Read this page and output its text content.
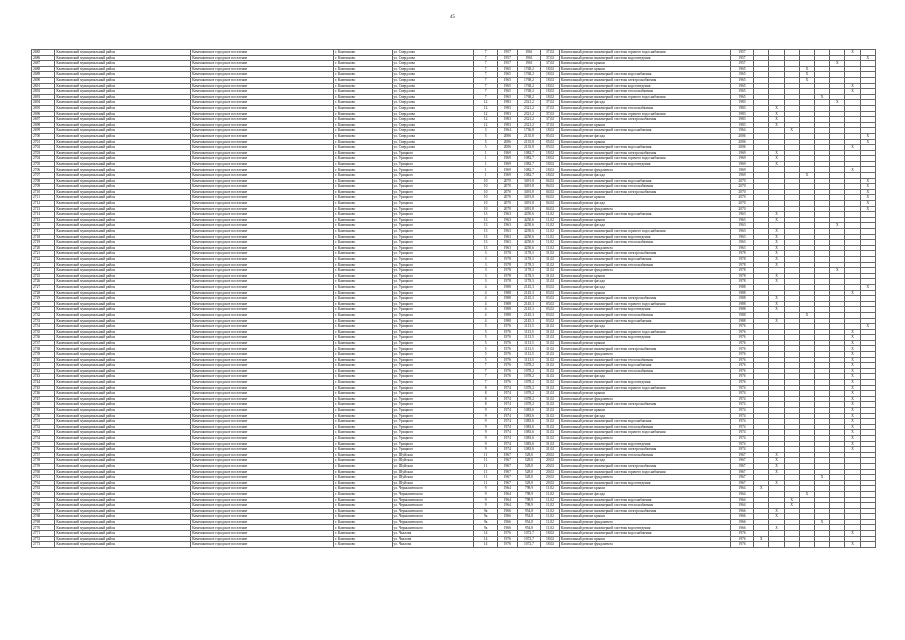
45
2685	Камешковский муниципальный район	Камешковское городское поселение	г. Камешково	ул. Свердлова	7	1957	1961	37,02	Капитальный ремонт инженерной системы горячего водоснабжения	1957							X	
2686	Камешковский муниципальный район	Камешковское городское поселение	г. Камешково	ул. Свердлова	7	1957	1961	37,02	Капитальный ремонт инженерной системы водоотведения	1957								X
2687	Камешковский муниципальный район	Камешковское городское поселение	г. Камешково	ул. Свердлова	7	1957	1961	37,02	Капитальный ремонт крыши	1957						X		
2688	Камешковский муниципальный район	Камешковское городское поселение	г. Камешково	ул. Свердлова	7	1965	1768,2	18,02	Капитальный ремонт крыши	1965				X				
2689	Камешковский муниципальный район	Камешковское городское поселение	г. Камешково	ул. Свердлова	7	1965	1768,2	18,02	Капитальный ремонт инженерной системы водоснабжения	1965				X				
2690	Камешковский муниципальный район	Камешковское городское поселение	г. Камешково	ул. Свердлова	7	1965	1768,2	18,02	Капитальный ремонт инженерной системы электроснабжения	1965				X				
2691	Камешковский муниципальный район	Камешковское городское поселение	г. Камешково	ул. Свердлова	7	1965	1768,2	18,02	Капитальный ремонт инженерной системы водоотведения	1965							X	
2692	Камешковский муниципальный район	Камешковское городское поселение	г. Камешково	ул. Свердлова	7	1965	1768,2	18,02	Капитальный ремонт инженерной системы теплоснабжения	1965							X	
2693	Камешковский муниципальный район	Камешковское городское поселение	г. Камешково	ул. Свердлова	7	1965	1768,2	18,02	Капитальный ремонт инженерной системы горячего водоснабжения	1965					X			
2694	Камешковский муниципальный район	Камешковское городское поселение	г. Камешково	ул. Свердлова	12	1983	2321,2	37,02	Капитальный ремонт фасада	1983						X		
2695	Камешковский муниципальный район	Камешковское городское поселение	г. Камешково	ул. Свердлова	12	1983	2321,2	37,02	Капитальный ремонт инженерной системы теплоснабжения	1983		X						
2696	Камешковский муниципальный район	Камешковское городское поселение	г. Камешково	ул. Свердлова	12	1983	2321,2	37,02	Капитальный ремонт инженерной системы горячего водоснабжения	1983		X						
2697	Камешковский муниципальный район	Камешковское городское поселение	г. Камешково	ул. Свердлова	12	1983	2321,2	37,02	Капитальный ремонт инженерной системы электроснабжения	1983		X						
2698	Камешковский муниципальный район	Камешковское городское поселение	г. Камешково	ул. Свердлова	12	1983	2321,2	37,02	Капитальный ремонт крыши	1983		X						
2699	Камешковский муниципальный район	Камешковское городское поселение	г. Камешково	ул. Свердлова	3	1964	1736,8	18,02	Капитальный ремонт инженерной системы водоснабжения	1964			X					
2700	Камешковский муниципальный район	Камешковское городское поселение	г. Камешково	ул. Свердлова	5	2006	2135,8	05,02	Капитальный ремонт фасада	2006								X
2701	Камешковский муниципальный район	Камешковское городское поселение	г. Камешково	ул. Свердлова	5	2006	2135,8	05,02	Капитальный ремонт крыши	2006								X
2702	Камешковский муниципальный район	Камешковское городское поселение	г. Камешково	ул. Свердлова	5	2006	2135,8	05,02	Капитальный ремонт инженерной системы водоснабжения	2006							X	
2703	Камешковский муниципальный район	Камешковское городское поселение	г. Камешково	ул. Урицкого	1	1969	1082,7	18,02	Капитальный ремонт инженерной системы электроснабжения	1969		X						
2704	Камешковский муниципальный район	Камешковское городское поселение	г. Камешково	ул. Урицкого	1	1969	1082,7	18,02	Капитальный ремонт инженерной системы горячего водоснабжения	1969		X						
2705	Камешковский муниципальный район	Камешковское городское поселение	г. Камешково	ул. Урицкого	1	1969	1082,7	18,02	Капитальный ремонт инженерной системы водоотведения	1969		X						
2706	Камешковский муниципальный район	Камешковское городское поселение	г. Камешково	ул. Урицкого	1	1969	1082,7	18,02	Капитальный ремонт фундамента	1969							X	
2707	Камешковский муниципальный район	Камешковское городское поселение	г. Камешково	ул. Урицкого	1	1969	1082,7	18,02	Капитальный ремонт фасада	1969				X				
2708	Камешковский муниципальный район	Камешковское городское поселение	г. Камешково	ул. Урицкого	10	2070	3491,8	04,02	Капитальный ремонт инженерной системы водоснабжения	2070								X
2709	Камешковский муниципальный район	Камешковское городское поселение	г. Камешково	ул. Урицкого	10	2070	3491,8	04,02	Капитальный ремонт инженерной системы теплоснабжения	2070								X
2710	Камешковский муниципальный район	Камешковское городское поселение	г. Камешково	ул. Урицкого	10	2070	3491,8	04,02	Капитальный ремонт инженерной системы электроснабжения	2070								X
2711	Камешковский муниципальный район	Камешковское городское поселение	г. Камешково	ул. Урицкого	10	2070	3491,8	04,02	Капитальный ремонт крыши	2070								X
2712	Камешковский муниципальный район	Камешковское городское поселение	г. Камешково	ул. Урицкого	10	2070	3491,8	04,02	Капитальный ремонт фасада	2070								X
2713	Камешковский муниципальный район	Камешковское городское поселение	г. Камешково	ул. Урицкого	10	2070	3491,8	04,02	Капитальный ремонт фундамента	2070								X
2714	Камешковский муниципальный район	Камешковское городское поселение	г. Камешково	ул. Урицкого	13	1963	4250,6	11,02	Капитальный ремонт инженерной системы водоснабжения	1963		X						
2715	Камешковский муниципальный район	Камешковское городское поселение	г. Камешково	ул. Урицкого	13	1963	4250,6	11,02	Капитальный ремонт крыши	1963		X						
2716	Камешковский муниципальный район	Камешковское городское поселение	г. Камешково	ул. Урицкого	13	1963	4250,6	11,02	Капитальный ремонт фасада	1963						X		
2717	Камешковский муниципальный район	Камешковское городское поселение	г. Камешково	ул. Урицкого	13	1963	4250,6	11,02	Капитальный ремонт инженерной системы горячего водоснабжения	1963		X						
2718	Камешковский муниципальный район	Камешковское городское поселение	г. Камешково	ул. Урицкого	13	1963	4250,6	11,02	Капитальный ремонт инженерной системы водоотведения	1963		X						
2719	Камешковский муниципальный район	Камешковское городское поселение	г. Камешково	ул. Урицкого	13	1963	4250,6	11,02	Капитальный ремонт инженерной системы теплоснабжения	1963		X						
2720	Камешковский муниципальный район	Камешковское городское поселение	г. Камешково	ул. Урицкого	13	1963	4250,6	11,02	Капитальный ремонт фундамента	1963		X						
2721	Камешковский муниципальный район	Камешковское городское поселение	г. Камешково	ул. Урицкого	3	1978	1178,3	31,02	Капитальный ремонт инженерной системы электроснабжения	1978		X						
2722	Камешковский муниципальный район	Камешковское городское поселение	г. Камешково	ул. Урицкого	3	1978	1178,3	31,02	Капитальный ремонт инженерной системы водоснабжения	1978		X						
2723	Камешковский муниципальный район	Камешковское городское поселение	г. Камешково	ул. Урицкого	3	1978	1178,3	31,02	Капитальный ремонт инженерной системы теплоснабжения	1978		X						
2724	Камешковский муниципальный район	Камешковское городское поселение	г. Камешково	ул. Урицкого	3	1978	1178,3	31,02	Капитальный ремонт фундамента	1978						X		
2725	Камешковский муниципальный район	Камешковское городское поселение	г. Камешково	ул. Урицкого	3	1978	1178,3	31,02	Капитальный ремонт крыши	1978		X						
2726	Камешковский муниципальный район	Камешковское городское поселение	г. Камешково	ул. Урицкого	3	1978	1178,3	31,02	Капитальный ремонт фасада	1978		X						
2727	Камешковский муниципальный район	Камешковское городское поселение	г. Камешково	ул. Урицкого	4	1988	2145,3	03,02	Капитальный ремонт фасада	1988								X
2728	Камешковский муниципальный район	Камешковское городское поселение	г. Камешково	ул. Урицкого	4	1988	2145,3	03,02	Капитальный ремонт крыши	1988							X	
2729	Камешковский муниципальный район	Камешковское городское поселение	г. Камешково	ул. Урицкого	4	1988	2145,3	03,02	Капитальный ремонт инженерной системы электроснабжения	1988		X						
2730	Камешковский муниципальный район	Камешковское городское поселение	г. Камешково	ул. Урицкого	4	1988	2145,3	03,02	Капитальный ремонт инженерной системы горячего водоснабжения	1988		X						
2731	Камешковский муниципальный район	Камешковское городское поселение	г. Камешково	ул. Урицкого	4	1988	2145,3	03,02	Капитальный ремонт инженерной системы водоотведения	1988		X						
2732	Камешковский муниципальный район	Камешковское городское поселение	г. Камешково	ул. Урицкого	4	1988	2145,3	03,02	Капитальный ремонт инженерной системы теплоснабжения	1988				X				
2733	Камешковский муниципальный район	Камешковское городское поселение	г. Камешково	ул. Урицкого	4	1988	2145,3	03,02	Капитальный ремонт инженерной системы водоснабжения	1988		X						
2734	Камешковский муниципальный район	Камешковское городское поселение	г. Камешково	ул. Урицкого	5	1976	1113,5	31,02	Капитальный ремонт фасада	1976								X
2735	Камешковский муниципальный район	Камешковское городское поселение	г. Камешково	ул. Урицкого	5	1976	1113,5	31,02	Капитальный ремонт инженерной системы горячего водоснабжения	1976							X	
2736	Камешковский муниципальный район	Камешковское городское поселение	г. Камешково	ул. Урицкого	5	1976	1113,5	31,02	Капитальный ремонт инженерной системы водоотведения	1976							X	
2737	Камешковский муниципальный район	Камешковское городское поселение	г. Камешково	ул. Урицкого	5	1976	1113,5	31,02	Капитальный ремонт крыши	1976							X	
2738	Камешковский муниципальный район	Камешковское городское поселение	г. Камешково	ул. Урицкого	5	1976	1113,5	31,02	Капитальный ремонт инженерной системы электроснабжения	1976							X	
2739	Камешковский муниципальный район	Камешковское городское поселение	г. Камешково	ул. Урицкого	5	1976	1113,5	31,02	Капитальный ремонт фундамента	1976							X	
2740	Камешковский муниципальный район	Камешковское городское поселение	г. Камешково	ул. Урицкого	5	1976	1113,5	31,02	Капитальный ремонт инженерной системы теплоснабжения	1976							X	
2741	Камешковский муниципальный район	Камешковское городское поселение	г. Камешково	ул. Урицкого	7	1976	1078,2	31,02	Капитальный ремонт инженерной системы водоснабжения	1976							X	
2742	Камешковский муниципальный район	Камешковское городское поселение	г. Камешково	ул. Урицкого	7	1976	1078,2	31,02	Капитальный ремонт инженерной системы теплоснабжения	1976							X	
2743	Камешковский муниципальный район	Камешковское городское поселение	г. Камешково	ул. Урицкого	7	1976	1078,2	31,02	Капитальный ремонт фасада	1976							X	
2744	Камешковский муниципальный район	Камешковское городское поселение	г. Камешково	ул. Урицкого	7	1976	1078,2	31,02	Капитальный ремонт инженерной системы водоотведения	1976							X	
2745	Камешковский муниципальный район	Камешковское городское поселение	г. Камешково	ул. Урицкого	8	1974	1078,2	31,02	Капитальный ремонт инженерной системы горячего водоснабжения	1974							X	
2746	Камешковский муниципальный район	Камешковское городское поселение	г. Камешково	ул. Урицкого	8	1974	1078,2	31,02	Капитальный ремонт крыши	1974							X	
2747	Камешковский муниципальный район	Камешковское городское поселение	г. Камешково	ул. Урицкого	8	1974	1078,2	31,02	Капитальный ремонт фундамента	1974							X	
2748	Камешковский муниципальный район	Камешковское городское поселение	г. Камешково	ул. Урицкого	8	1974	1078,2	31,02	Капитальный ремонт инженерной системы электроснабжения	1974							X	
2749	Камешковский муниципальный район	Камешковское городское поселение	г. Камешково	ул. Урицкого	9	1974	1083,6	31,02	Капитальный ремонт крыши	1974							X	
2750	Камешковский муниципальный район	Камешковское городское поселение	г. Камешково	ул. Урицкого	9	1974	1083,6	31,02	Капитальный ремонт фасада	1974							X	
2751	Камешковский муниципальный район	Камешковское городское поселение	г. Камешково	ул. Урицкого	9	1974	1083,6	31,02	Капитальный ремонт инженерной системы водоснабжения	1974							X	
2752	Камешковский муниципальный район	Камешковское городское поселение	г. Камешково	ул. Урицкого	9	1974	1083,6	31,02	Капитальный ремонт инженерной системы теплоснабжения	1974							X	
2753	Камешковский муниципальный район	Камешковское городское поселение	г. Камешково	ул. Урицкого	9	1974	1083,6	31,02	Капитальный ремонт инженерной системы горячего водоснабжения	1974							X	
2754	Камешковский муниципальный район	Камешковское городское поселение	г. Камешково	ул. Урицкого	9	1974	1083,6	31,02	Капитальный ремонт фундамента	1974							X	
2755	Камешковский муниципальный район	Камешковское городское поселение	г. Камешково	ул. Урицкого	9	1974	1083,6	31,02	Капитальный ремонт инженерной системы водоотведения	1974							X	
2756	Камешковский муниципальный район	Камешковское городское поселение	г. Камешково	ул. Урицкого	9	1974	1083,6	31,02	Капитальный ремонт инженерной системы электроснабжения	1974							X	
2757	Камешковский муниципальный район	Камешковское городское поселение	г. Камешково	ул. Шуйская	11	1967	528,0	20,02	Капитальный ремонт инженерной системы теплоснабжения	1967		X						
2758	Камешковский муниципальный район	Камешковское городское поселение	г. Камешково	ул. Шуйская	11	1967	528,0	20,02	Капитальный ремонт фасада	1967		X						
2759	Камешковский муниципальный район	Камешковское городское поселение	г. Камешково	ул. Шуйская	11	1967	528,0	20,02	Капитальный ремонт инженерной системы электроснабжения	1967		X						
2760	Камешковский муниципальный район	Камешковское городское поселение	г. Камешково	ул. Шуйская	11	1967	528,0	20,02	Капитальный ремонт инженерной системы горячего водоснабжения	1967		X						
2761	Камешковский муниципальный район	Камешковское городское поселение	г. Камешково	ул. Шуйская	11	1967	528,0	20,02	Капитальный ремонт фундамента	1967					X			
2762	Камешковский муниципальный район	Камешковское городское поселение	г. Камешково	ул. Шуйская	11	1967	528,0	20,02	Капитальный ремонт инженерной системы водоотведения	1967		X						
2763	Камешковский муниципальный район	Камешковское городское поселение	г. Камешково	ул. Чернышевского	9	1964	798,9	11,02	Капитальный ремонт крыши	1964	X							
2764	Камешковский муниципальный район	Камешковское городское поселение	г. Камешково	ул. Чернышевского	9	1964	798,9	11,02	Капитальный ремонт фасада	1964				X				
2765	Камешковский муниципальный район	Камешковское городское поселение	г. Камешково	ул. Чернышевского	9	1964	798,9	11,02	Капитальный ремонт инженерной системы водоснабжения	1964			X					
2766	Камешковский муниципальный район	Камешковское городское поселение	г. Камешково	ул. Чернышевского	9	1964	798,9	11,02	Капитальный ремонт инженерной системы теплоснабжения	1964			X					
2767	Камешковский муниципальный район	Камешковское городское поселение	г. Камешково	ул. Чернышевского	9а	1966	954,8	11,02	Капитальный ремонт инженерной системы электроснабжения	1966		X						
2768	Камешковский муниципальный район	Камешковское городское поселение	г. Камешково	ул. Чернышевского	9а	1966	954,8	11,02	Капитальный ремонт крыши	1966		X						
2769	Камешковский муниципальный район	Камешковское городское поселение	г. Камешково	ул. Чернышевского	9а	1966	954,8	11,02	Капитальный ремонт фундамента	1966					X			
2770	Камешковский муниципальный район	Камешковское городское поселение	г. Камешково	ул. Чернышевского	9а	1966	954,8	11,02	Капитальный ремонт инженерной системы водоотведения	1966		X						
2771	Камешковский муниципальный район	Камешковское городское поселение	г. Камешково	ул. Чкалова	14	1976	1072,7	18,02	Капитальный ремонт инженерной системы водоснабжения	1976							X	
2772	Камешковский муниципальный район	Камешковское городское поселение	г. Камешково	ул. Чкалова	14	1976	1072,7	18,02	Капитальный ремонт крыши	1976	X							
2773	Камешковский муниципальный район	Камешковское городское поселение	г. Камешково	ул. Чкалова	14	1976	1072,7	18,02	Капитальный ремонт фундамента	1976							X	
